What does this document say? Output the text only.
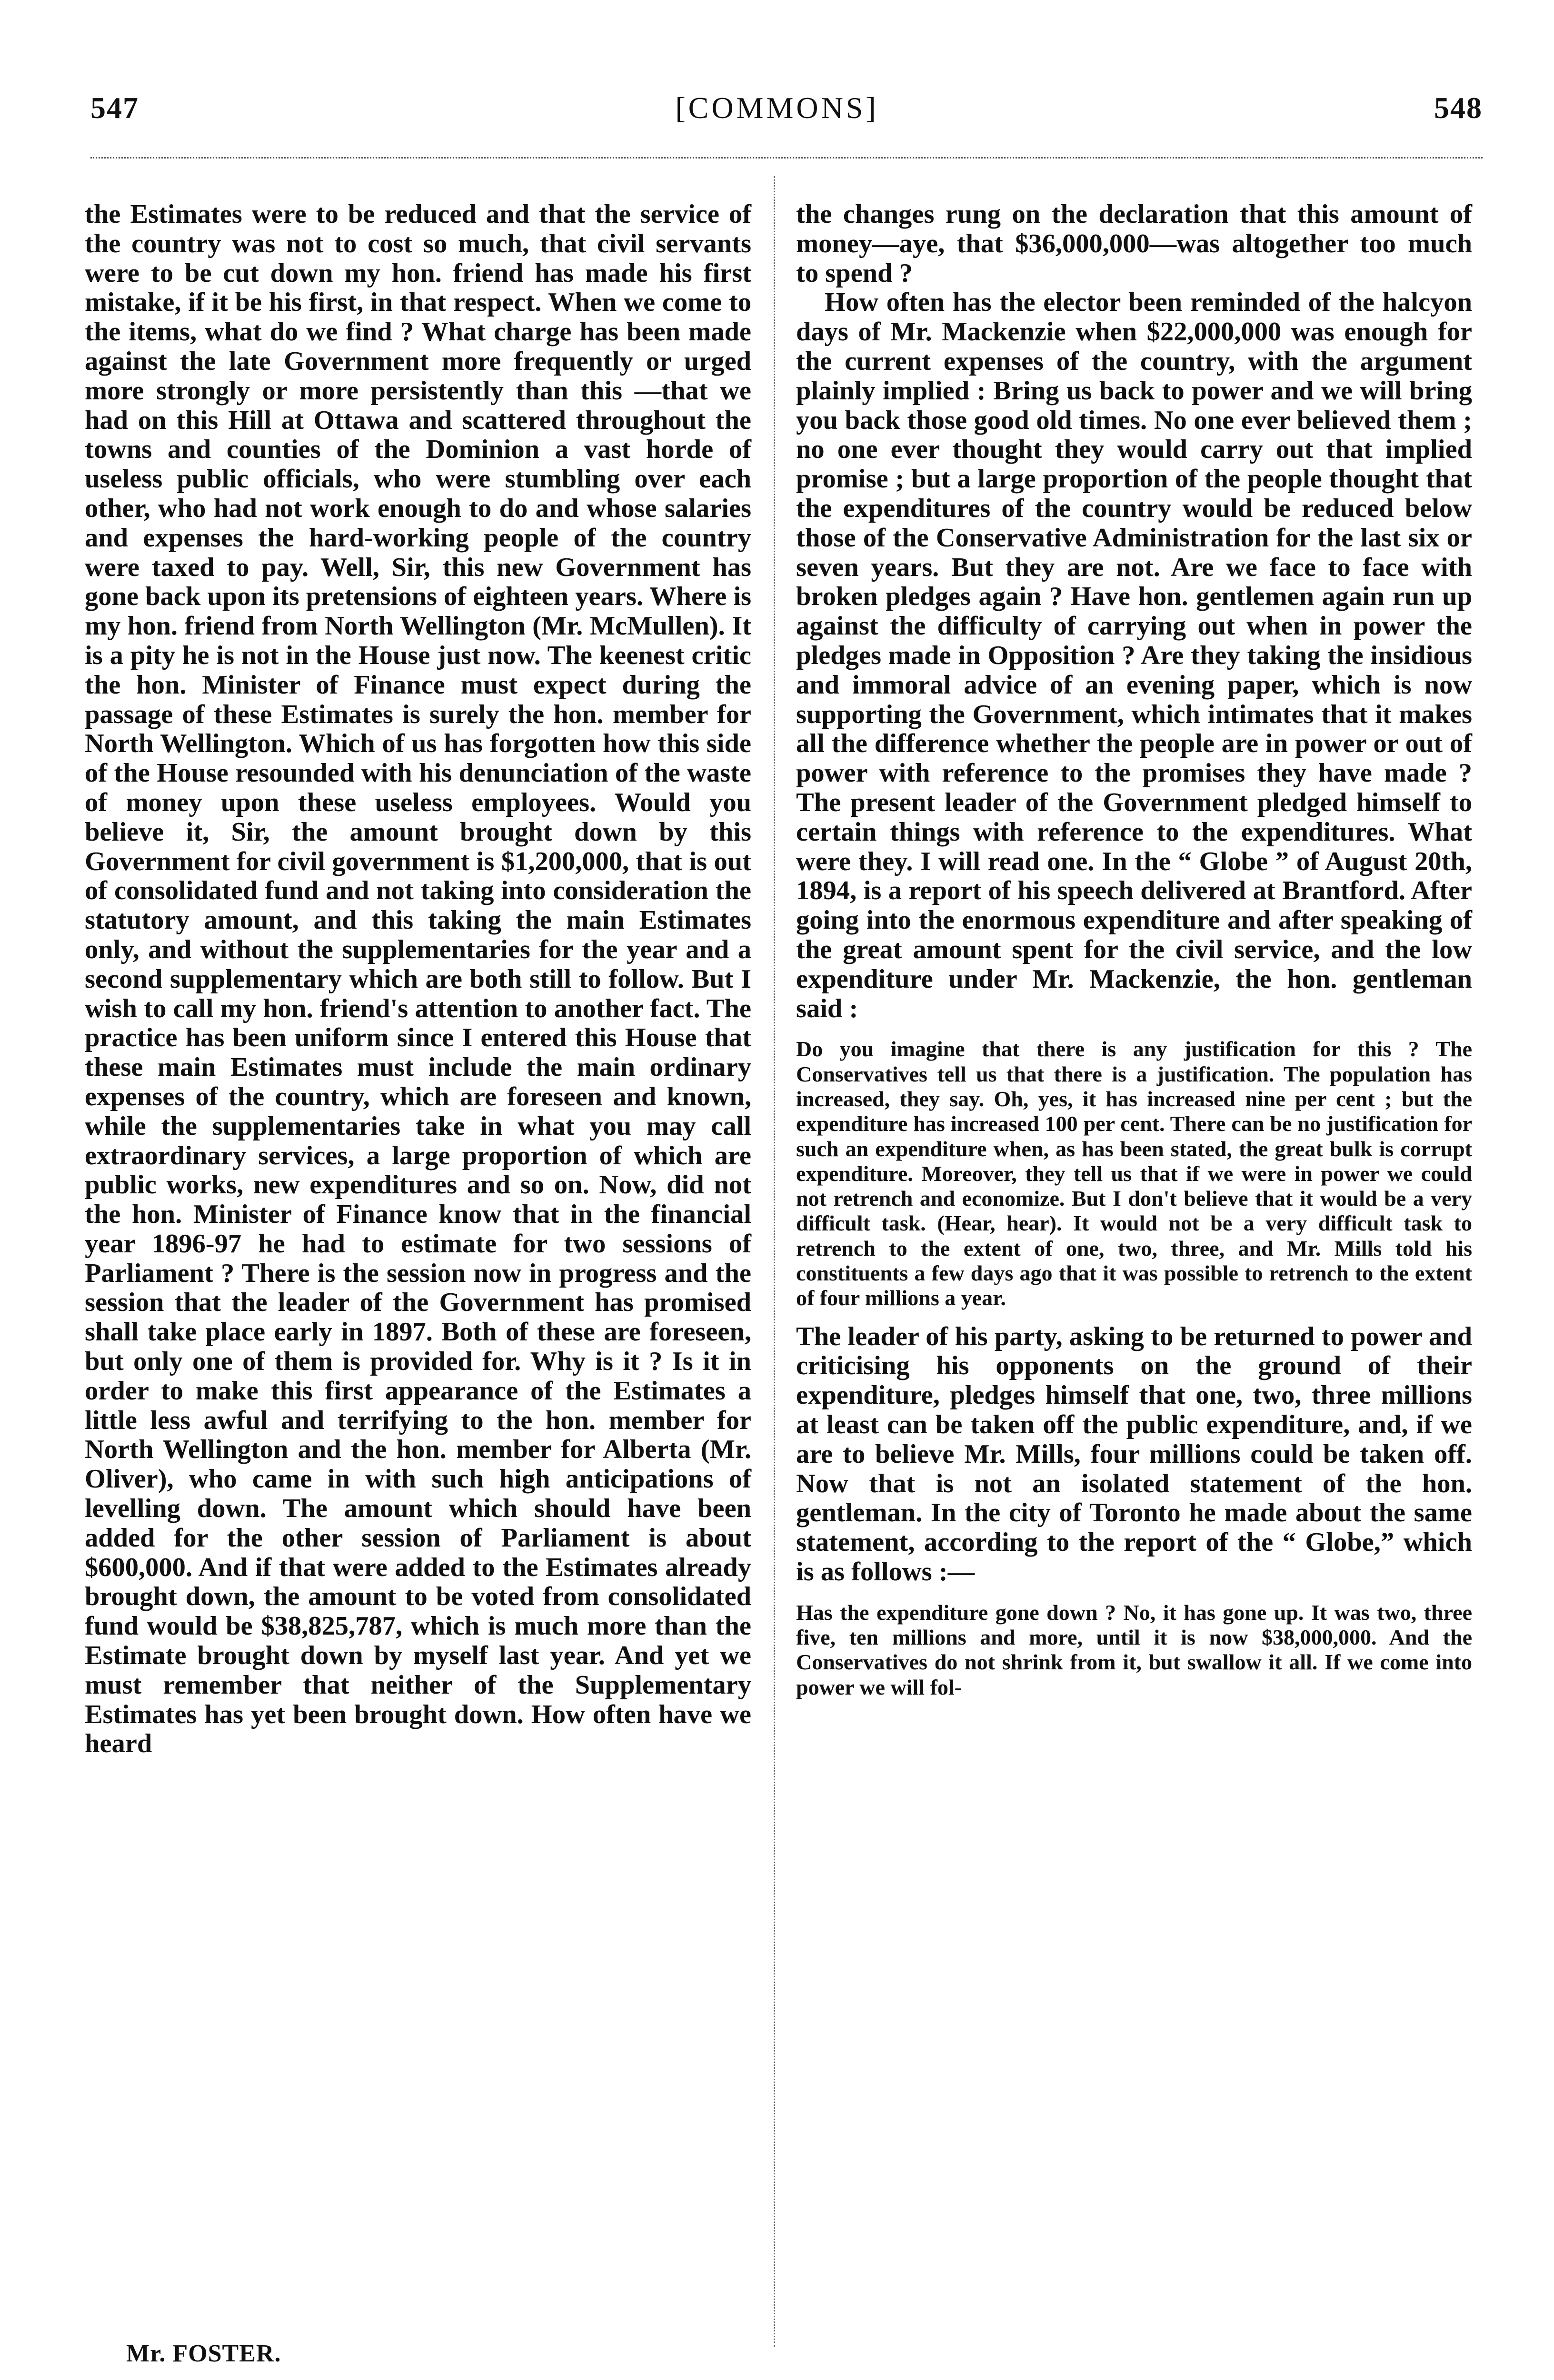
547	[COMMONS]	548

the Estimates were to be reduced and that the service of the country was not to cost so much, that civil servants were to be cut down my hon. friend has made his first mistake, if it be his first, in that respect. When we come to the items, what do we find ? What charge has been made against the late Government more frequently or urged more strongly or more persistently than this —that we had on this Hill at Ottawa and scattered throughout the towns and counties of the Dominion a vast horde of useless public officials, who were stumbling over each other, who had not work enough to do and whose salaries and expenses the hard-working people of the country were taxed to pay. Well, Sir, this new Government has gone back upon its pretensions of eighteen years. Where is my hon. friend from North Wellington (Mr. McMullen). It is a pity he is not in the House just now. The keenest critic the hon. Minister of Finance must expect during the passage of these Estimates is surely the hon. member for North Wellington. Which of us has forgotten how this side of the House resounded with his denunciation of the waste of money upon these useless employees. Would you believe it, Sir, the amount brought down by this Government for civil government is $1,200,000, that is out of consolidated fund and not taking into consideration the statutory amount, and this taking the main Estimates only, and without the supplementaries for the year and a second supplementary which are both still to follow. But I wish to call my hon. friend's attention to another fact. The practice has been uniform since I entered this House that these main Estimates must include the main ordinary expenses of the country, which are foreseen and known, while the supplementaries take in what you may call extraordinary services, a large proportion of which are public works, new expenditures and so on. Now, did not the hon. Minister of Finance know that in the financial year 1896-97 he had to estimate for two sessions of Parliament ? There is the session now in progress and the session that the leader of the Government has promised shall take place early in 1897. Both of these are foreseen, but only one of them is provided for. Why is it ? Is it in order to make this first appearance of the Estimates a little less awful and terrifying to the hon. member for North Wellington and the hon. member for Alberta (Mr. Oliver), who came in with such high anticipations of levelling down. The amount which should have been added for the other session of Parliament is about $600,000. And if that were added to the Estimates already brought down, the amount to be voted from consolidated fund would be $38,825,787, which is much more than the Estimate brought down by myself last year. And yet we must remember that neither of the Supplementary Estimates has yet been brought down. How often have we heard

the changes rung on the declaration that this amount of money—aye, that $36,000,000—was altogether too much to spend ?

How often has the elector been reminded of the halcyon days of Mr. Mackenzie when $22,000,000 was enough for the current expenses of the country, with the argument plainly implied : Bring us back to power and we will bring you back those good old times. No one ever believed them ; no one ever thought they would carry out that implied promise ; but a large proportion of the people thought that the expenditures of the country would be reduced below those of the Conservative Administration for the last six or seven years. But they are not. Are we face to face with broken pledges again ? Have hon. gentlemen again run up against the difficulty of carrying out when in power the pledges made in Opposition ? Are they taking the insidious and immoral advice of an evening paper, which is now supporting the Government, which intimates that it makes all the difference whether the people are in power or out of power with reference to the promises they have made ? The present leader of the Government pledged himself to certain things with reference to the expenditures. What were they. I will read one. In the “ Globe ” of August 20th, 1894, is a report of his speech delivered at Brantford. After going into the enormous expenditure and after speaking of the great amount spent for the civil service, and the low expenditure under Mr. Mackenzie, the hon. gentleman said :

Do you imagine that there is any justification for this ? The Conservatives tell us that there is a justification. The population has increased, they say. Oh, yes, it has increased nine per cent ; but the expenditure has increased 100 per cent. There can be no justification for such an expenditure when, as has been stated, the great bulk is corrupt expenditure. Moreover, they tell us that if we were in power we could not retrench and economize. But I don't believe that it would be a very difficult task. (Hear, hear). It would not be a very difficult task to retrench to the extent of one, two, three, and Mr. Mills told his constituents a few days ago that it was possible to retrench to the extent of four millions a year.

The leader of his party, asking to be returned to power and criticising his opponents on the ground of their expenditure, pledges himself that one, two, three millions at least can be taken off the public expenditure, and, if we are to believe Mr. Mills, four millions could be taken off. Now that is not an isolated statement of the hon. gentleman. In the city of Toronto he made about the same statement, according to the report of the “ Globe,” which is as follows :—

Has the expenditure gone down ? No, it has gone up. It was two, three five, ten millions and more, until it is now $38,000,000. And the Conservatives do not shrink from it, but swallow it all. If we come into power we will fol-

Mr. FOSTER.
